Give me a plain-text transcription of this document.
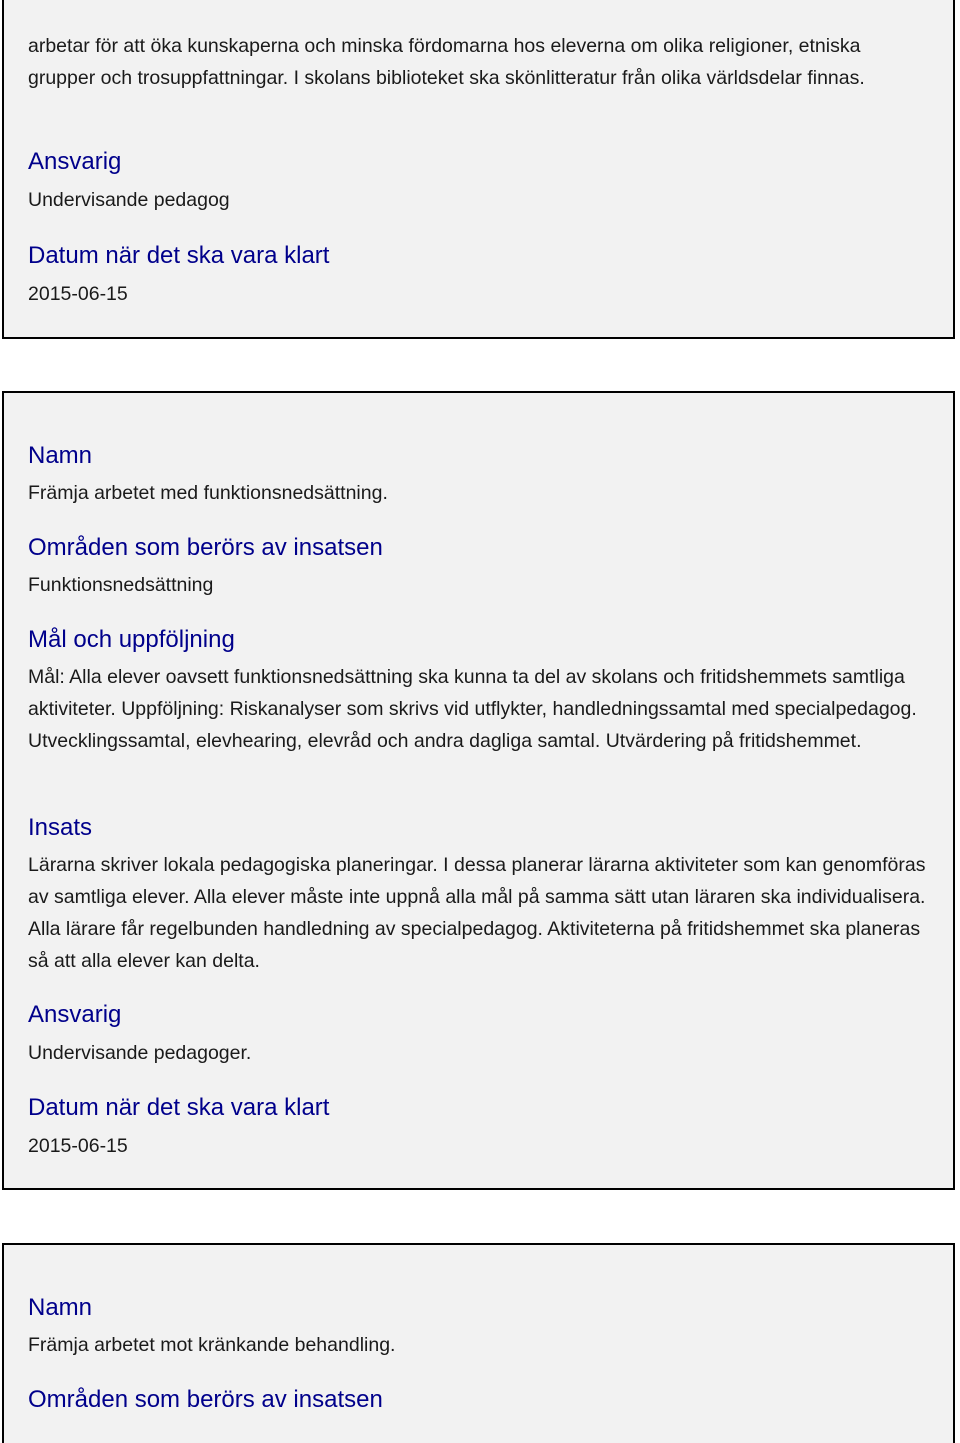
arbetar för att öka kunskaperna och minska fördomarna hos eleverna om olika religioner, etniska grupper och trosuppfattningar. I skolans biblioteket ska skönlitteratur från olika världsdelar finnas.

Ansvarig

Undervisande pedagog

Datum när det ska vara klart

2015-06-15

Namn

Främja arbetet med funktionsnedsättning.

Områden som berörs av insatsen

Funktionsnedsättning

Mål och uppföljning

Mål: Alla elever oavsett funktionsnedsättning ska kunna ta del av skolans och fritidshemmets samtliga aktiviteter. Uppföljning: Riskanalyser som skrivs vid utflykter, handledningssamtal med specialpedagog. Utvecklingssamtal, elevhearing, elevråd och andra dagliga samtal. Utvärdering på fritidshemmet.

Insats

Lärarna skriver lokala pedagogiska planeringar. I dessa planerar lärarna aktiviteter som kan genomföras av samtliga elever. Alla elever måste inte uppnå alla mål på samma sätt utan läraren ska individualisera. Alla lärare får regelbunden handledning av specialpedagog. Aktiviteterna på fritidshemmet ska planeras så att alla elever kan delta.

Ansvarig

Undervisande pedagoger.

Datum när det ska vara klart

2015-06-15

Namn

Främja arbetet mot kränkande behandling.

Områden som berörs av insatsen
